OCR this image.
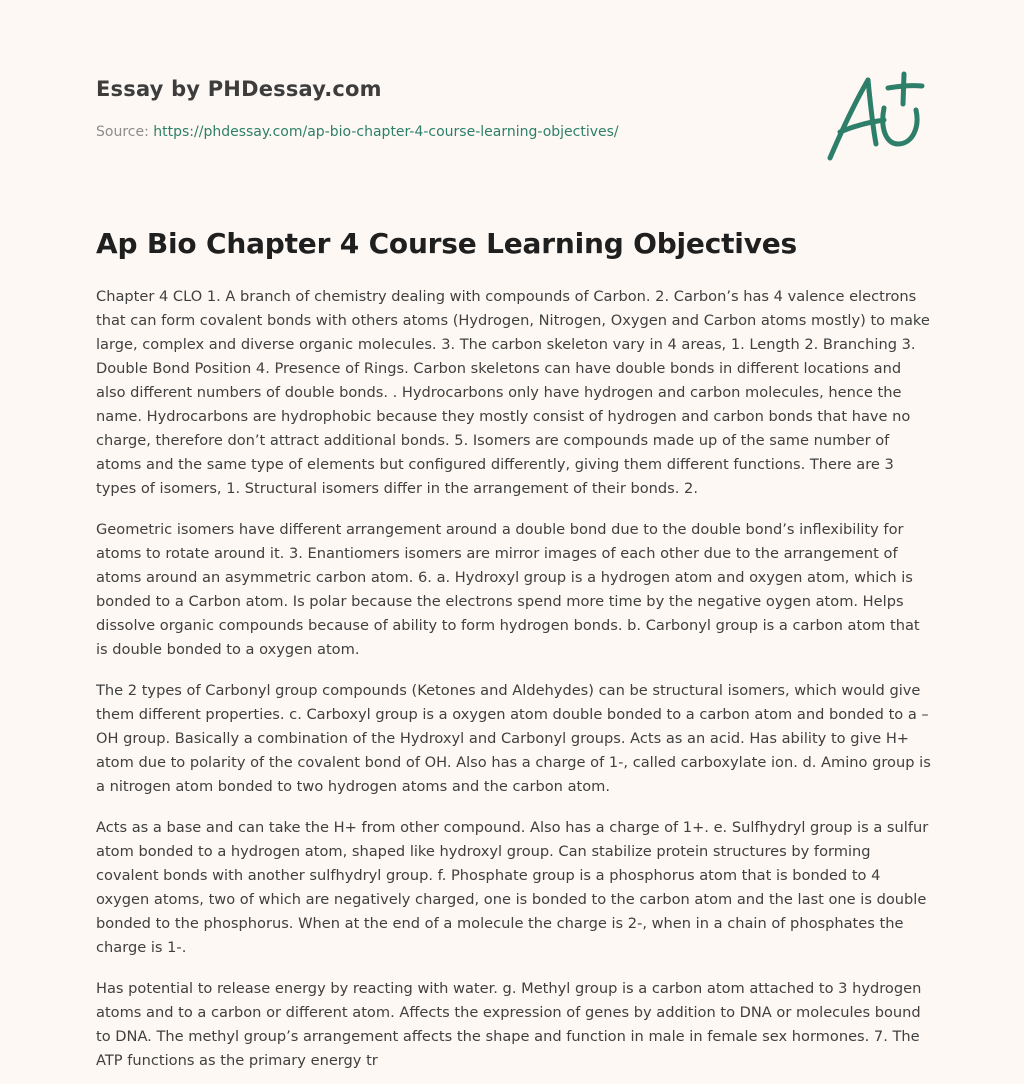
Essay by PHDessay.com
Source: https://phdessay.com/ap-bio-chapter-4-course-learning-objectives/
Ap Bio Chapter 4 Course Learning Objectives

Chapter 4 CLO 1. A branch of chemistry dealing with compounds of Carbon. 2. Carbon’s has 4 valence electrons that can form covalent bonds with others atoms (Hydrogen, Nitrogen, Oxygen and Carbon atoms mostly) to make large, complex and diverse organic molecules. 3. The carbon skeleton vary in 4 areas, 1. Length 2. Branching 3. Double Bond Position 4. Presence of Rings. Carbon skeletons can have double bonds in different locations and also different numbers of double bonds. . Hydrocarbons only have hydrogen and carbon molecules, hence the name. Hydrocarbons are hydrophobic because they mostly consist of hydrogen and carbon bonds that have no charge, therefore don’t attract additional bonds. 5. Isomers are compounds made up of the same number of atoms and the same type of elements but configured differently, giving them different functions. There are 3 types of isomers, 1. Structural isomers differ in the arrangement of their bonds. 2.

Geometric isomers have different arrangement around a double bond due to the double bond’s inflexibility for atoms to rotate around it. 3. Enantiomers isomers are mirror images of each other due to the arrangement of atoms around an asymmetric carbon atom. 6. a. Hydroxyl group is a hydrogen atom and oxygen atom, which is bonded to a Carbon atom. Is polar because the electrons spend more time by the negative oygen atom. Helps dissolve organic compounds because of ability to form hydrogen bonds. b. Carbonyl group is a carbon atom that is double bonded to a oxygen atom.

The 2 types of Carbonyl group compounds (Ketones and Aldehydes) can be structural isomers, which would give them different properties. c. Carboxyl group is a oxygen atom double bonded to a carbon atom and bonded to a –OH group. Basically a combination of the Hydroxyl and Carbonyl groups. Acts as an acid. Has ability to give H+ atom due to polarity of the covalent bond of OH. Also has a charge of 1-, called carboxylate ion. d. Amino group is a nitrogen atom bonded to two hydrogen atoms and the carbon atom.

Acts as a base and can take the H+ from other compound. Also has a charge of 1+. e. Sulfhydryl group is a sulfur atom bonded to a hydrogen atom, shaped like hydroxyl group. Can stabilize protein structures by forming covalent bonds with another sulfhydryl group. f. Phosphate group is a phosphorus atom that is bonded to 4 oxygen atoms, two of which are negatively charged, one is bonded to the carbon atom and the last one is double bonded to the phosphorus. When at the end of a molecule the charge is 2-, when in a chain of phosphates the charge is 1-.

Has potential to release energy by reacting with water. g. Methyl group is a carbon atom attached to 3 hydrogen atoms and to a carbon or different atom. Affects the expression of genes by addition to DNA or molecules bound to DNA. The methyl group’s arrangement affects the shape and function in male in female sex hormones. 7. The ATP functions as the primary energy tr
